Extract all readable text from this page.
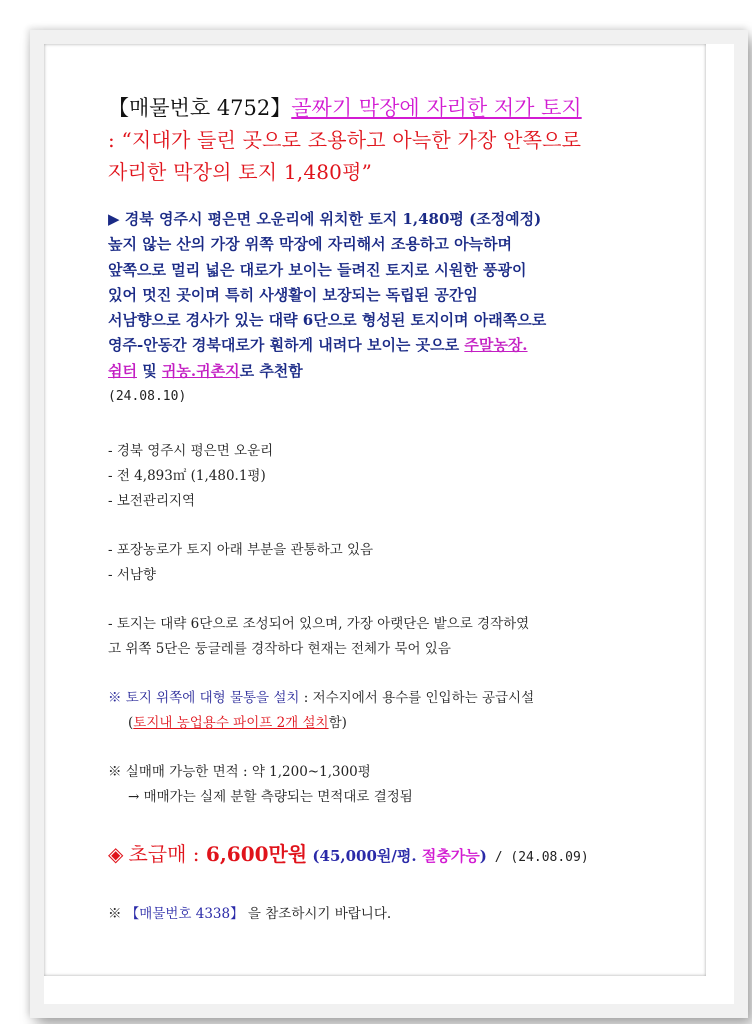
【매물번호 4752】골짜기 막장에 자리한 저가 토지

: “지대가 들린 곳으로 조용하고 아늑한 가장 안쪽으로

자리한 막장의 토지 1,480평”

▶ 경북 영주시 평은면 오운리에 위치한 토지 1,480평 (조정예정)

높지 않는 산의 가장 위쪽 막장에 자리해서 조용하고 아늑하며

앞쪽으로 멀리 넓은 대로가 보이는 들려진 토지로 시원한 풍광이

있어 멋진 곳이며 특히 사생활이 보장되는 독립된 공간임

서남향으로 경사가 있는 대략 6단으로 형성된 토지이며 아래쪽으로

영주-안동간 경북대로가 훤하게 내려다 보이는 곳으로 주말농장.

쉼터 및 귀농.귀촌지로 추천함

(24.08.10)

- 경북 영주시 평은면 오운리

- 전 4,893㎡ (1,480.1평)

- 보전관리지역

- 포장농로가 토지 아래 부분을 관통하고 있음

- 서남향

- 토지는 대략 6단으로 조성되어 있으며, 가장 아랫단은 밭으로 경작하였

고 위쪽 5단은 둥글레를 경작하다 현재는 전체가 묵어 있음

※ 토지 위쪽에 대형 물통을 설치 : 저수지에서 용수를 인입하는 공급시설

(토지내 농업용수 파이프 2개 설치함)

※ 실매매 가능한 면적 : 약 1,200~1,300평

→ 매매가는 실제 분할 측량되는 면적대로 결정됨

◈ 초급매 : 6,600만원 (45,000원/평. 절충가능) / (24.08.09)
※ 【매물번호 4338】 을 참조하시기 바랍니다.
